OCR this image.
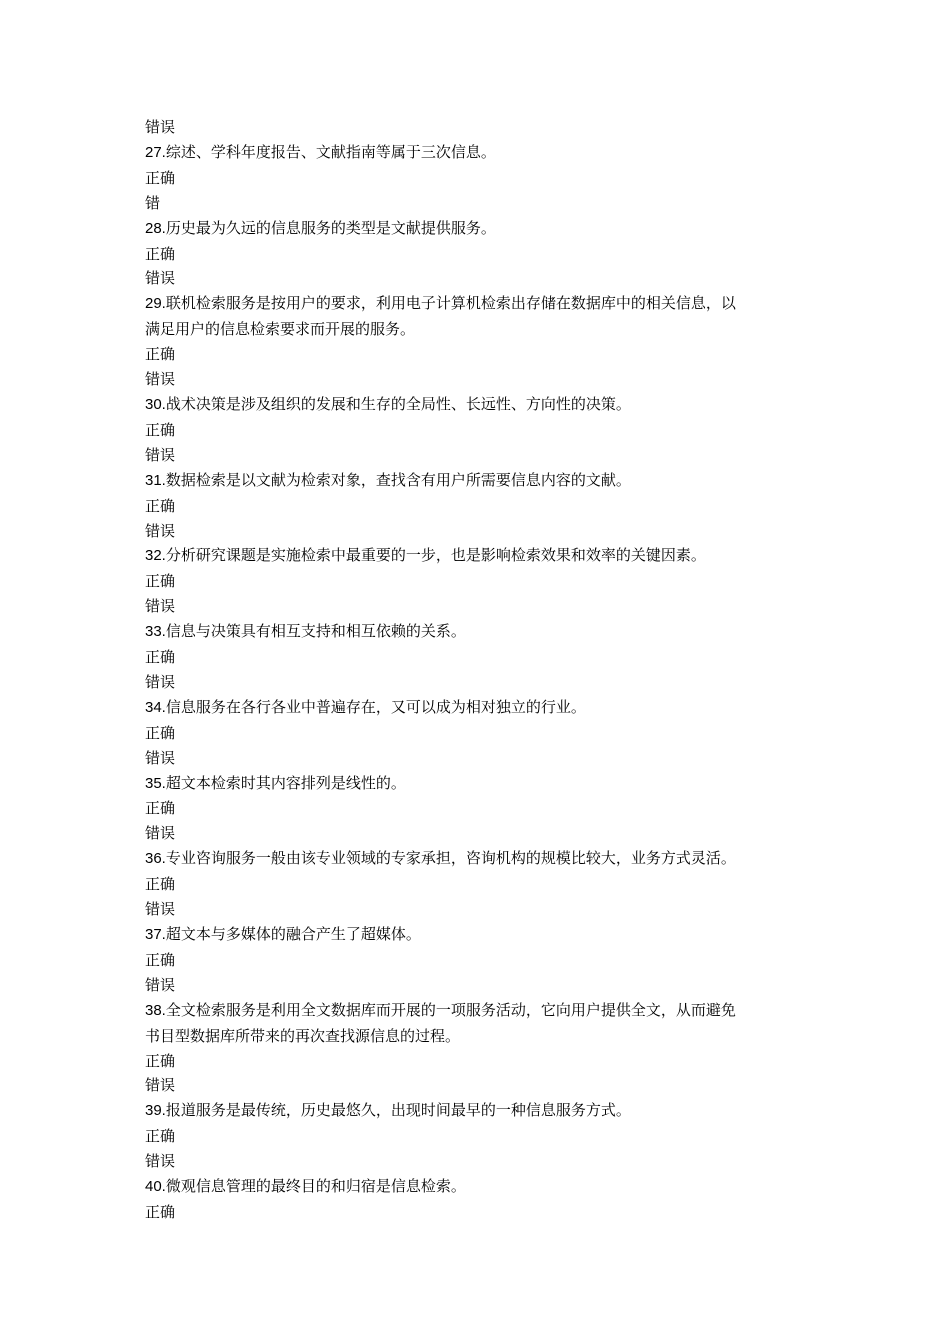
错误

27.综述、学科年度报告、文献指南等属于三次信息。

正确

错

28.历史最为久远的信息服务的类型是文献提供服务。

正确

错误

29.联机检索服务是按用户的要求，利用电子计算机检索出存储在数据库中的相关信息，以

满足用户的信息检索要求而开展的服务。

正确

错误

30.战术决策是涉及组织的发展和生存的全局性、长远性、方向性的决策。

正确

错误

31.数据检索是以文献为检索对象，查找含有用户所需要信息内容的文献。

正确

错误

32.分析研究课题是实施检索中最重要的一步，也是影响检索效果和效率的关键因素。

正确

错误

33.信息与决策具有相互支持和相互依赖的关系。

正确

错误

34.信息服务在各行各业中普遍存在，又可以成为相对独立的行业。

正确

错误

35.超文本检索时其内容排列是线性的。

正确

错误

36.专业咨询服务一般由该专业领域的专家承担，咨询机构的规模比较大，业务方式灵活。

正确

错误

37.超文本与多媒体的融合产生了超媒体。

正确

错误

38.全文检索服务是利用全文数据库而开展的一项服务活动，它向用户提供全文，从而避免

书目型数据库所带来的再次查找源信息的过程。

正确

错误

39.报道服务是最传统，历史最悠久，出现时间最早的一种信息服务方式。

正确

错误

40.微观信息管理的最终目的和归宿是信息检索。

正确
